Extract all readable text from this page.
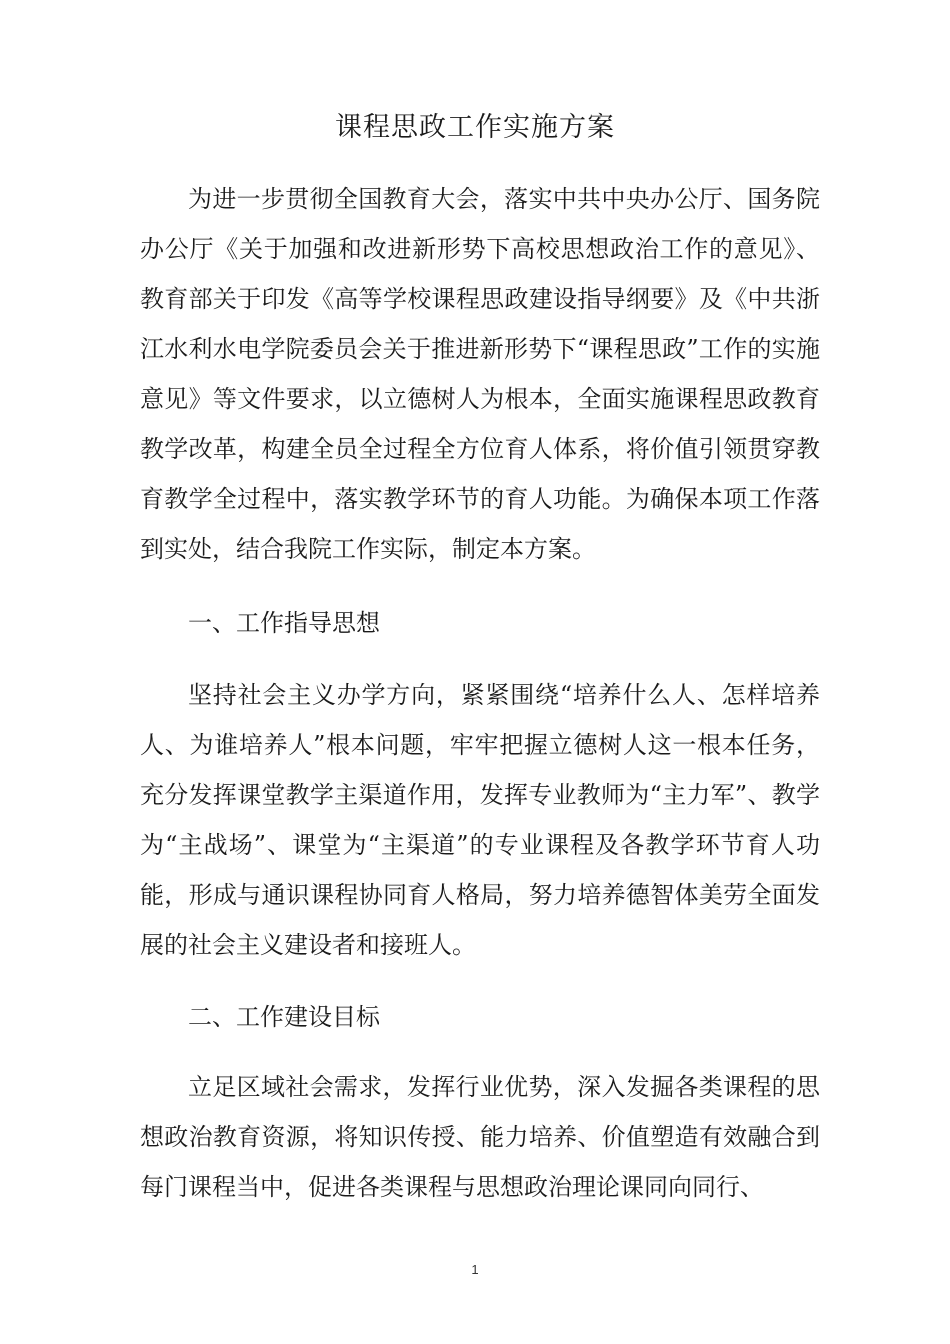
课程思政工作实施方案

为进一步贯彻全国教育大会，落实中共中央办公厅、国务院办公厅《关于加强和改进新形势下高校思想政治工作的意见》、教育部关于印发《高等学校课程思政建设指导纲要》及《中共浙江水利水电学院委员会关于推进新形势下“课程思政”工作的实施意见》等文件要求，以立德树人为根本，全面实施课程思政教育教学改革，构建全员全过程全方位育人体系，将价值引领贯穿教育教学全过程中，落实教学环节的育人功能。为确保本项工作落到实处，结合我院工作实际，制定本方案。

一、工作指导思想

坚持社会主义办学方向，紧紧围绕“培养什么人、怎样培养人、为谁培养人”根本问题，牢牢把握立德树人这一根本任务，充分发挥课堂教学主渠道作用，发挥专业教师为“主力军”、教学为“主战场”、课堂为“主渠道”的专业课程及各教学环节育人功能，形成与通识课程协同育人格局，努力培养德智体美劳全面发展的社会主义建设者和接班人。

二、工作建设目标

立足区域社会需求，发挥行业优势，深入发掘各类课程的思想政治教育资源，将知识传授、能力培养、价值塑造有效融合到每门课程当中，促进各类课程与思想政治理论课同向同行、

1
